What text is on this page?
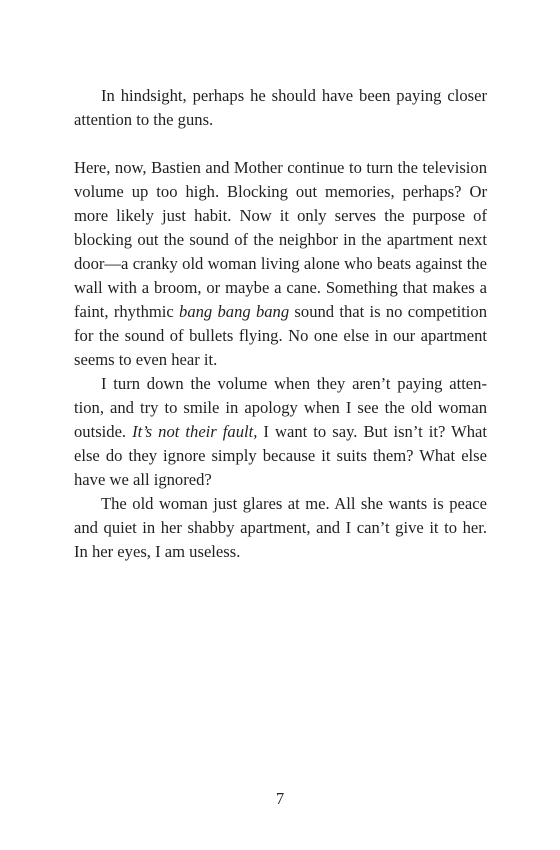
In hindsight, perhaps he should have been paying closer attention to the guns.

Here, now, Bastien and Mother continue to turn the television volume up too high. Blocking out memories, perhaps? Or more likely just habit. Now it only serves the purpose of blocking out the sound of the neighbor in the apartment next door—a cranky old woman living alone who beats against the wall with a broom, or maybe a cane. Something that makes a faint, rhythmic bang bang bang sound that is no competition for the sound of bullets flying. No one else in our apartment seems to even hear it.

I turn down the volume when they aren’t paying attention, and try to smile in apology when I see the old woman outside. It’s not their fault, I want to say. But isn’t it? What else do they ignore simply because it suits them? What else have we all ignored?

The old woman just glares at me. All she wants is peace and quiet in her shabby apartment, and I can’t give it to her. In her eyes, I am useless.

7
